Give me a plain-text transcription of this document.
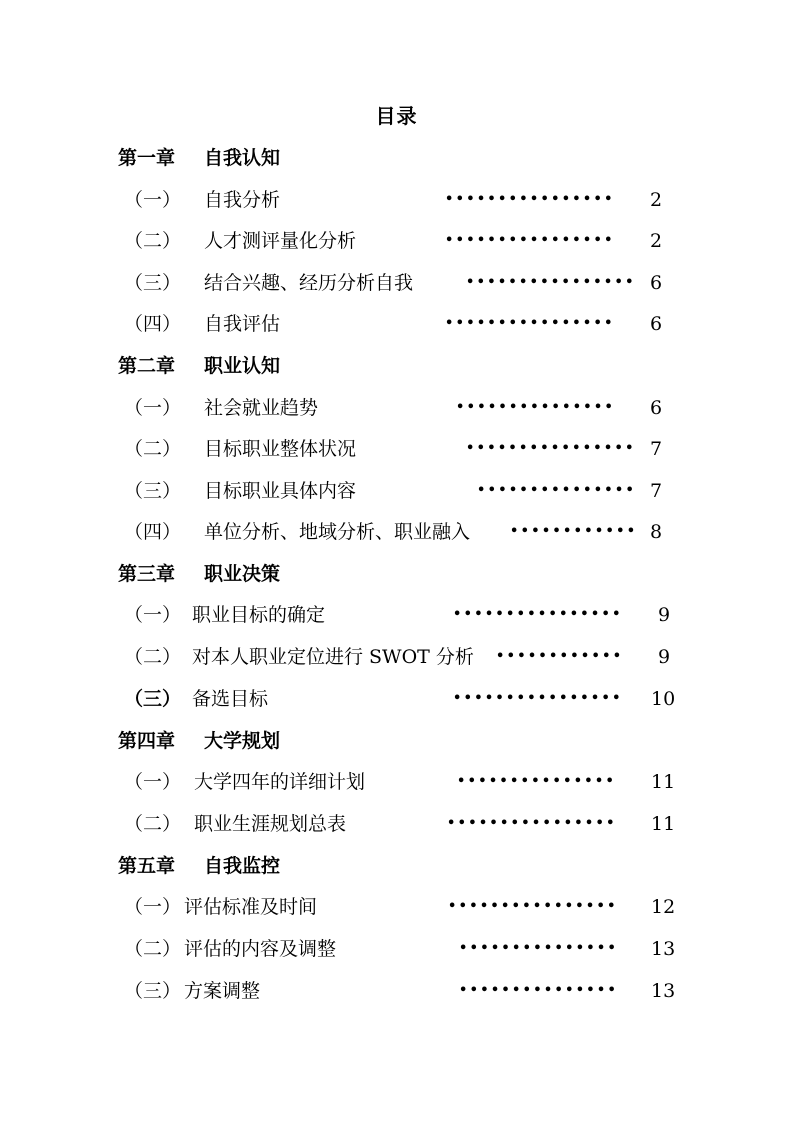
目录
第一章 自我认知
（一） 自我分析	•••••••••••••••• 2
（二） 人才测评量化分析	•••••••••••••••• 2
（三） 结合兴趣、经历分析自我	•••••••••••••••• 6
（四） 自我评估	•••••••••••••••• 6
第二章 职业认知
（一） 社会就业趋势	••••••••••••••• 6
（二） 目标职业整体状况	•••••••••••••••• 7
（三） 目标职业具体内容	••••••••••••••• 7
（四） 单位分析、地域分析、职业融入	•••••••••••• 8
第三章 职业决策
（一） 职业目标的确定	•••••••••••••••• 9
（二） 对本人职业定位进行 SWOT 分析 •••••••••••• 9
（三） 备选目标	•••••••••••••••• 10
第四章 大学规划
（一） 大学四年的详细计划	••••••••••••••• 11
（二） 职业生涯规划总表	•••••••••••••••• 11
第五章 自我监控
（一） 评估标准及时间	•••••••••••••••• 12
（二） 评估的内容及调整	••••••••••••••• 13
（三） 方案调整	••••••••••••••• 13
